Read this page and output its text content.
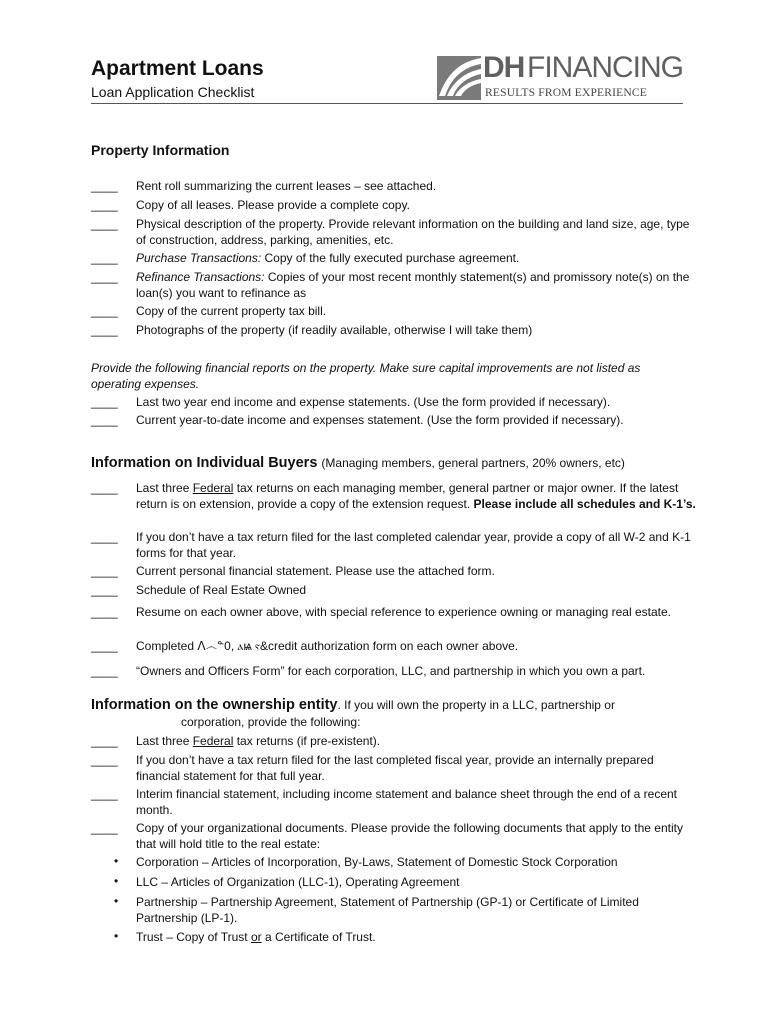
Apartment Loans
Loan Application Checklist
DH FINANCING
RESULTS FROM EXPERIENCE
Property Information
____ Rent roll summarizing the current leases – see attached.
____ Copy of all leases. Please provide a complete copy.
____ Physical description of the property. Provide relevant information on the building and land size, age, type of construction, address, parking, amenities, etc.
____ Purchase Transactions: Copy of the fully executed purchase agreement.
____ Refinance Transactions: Copies of your most recent monthly statement(s) and promissory note(s) on the loan(s) you want to refinance as
____ Copy of the current property tax bill.
____ Photographs of the property (if readily available, otherwise I will take them)
Provide the following financial reports on the property. Make sure capital improvements are not listed as operating expenses.
____ Last two year end income and expense statements. (Use the form provided if necessary).
____ Current year-to-date income and expenses statement. (Use the form provided if necessary).
Information on Individual Buyers (Managing members, general partners, 20% owners, etc)
____ Last three Federal tax returns on each managing member, general partner or major owner. If the latest return is on extension, provide a copy of the extension request. Please include all schedules and K-1’s.
____ If you don’t have a tax return filed for the last completed calendar year, provide a copy of all W-2 and K-1 forms for that year.
____ Current personal financial statement. Please use the attached form.
____ Schedule of Real Estate Owned
____ Resume on each owner above, with special reference to experience owning or managing real estate.
____ Completed ᐱ෴ᓐ0, ⲁѩ ⲋ&credit authorization form on each owner above.
____ “Owners and Officers Form” for each corporation, LLC, and partnership in which you own a part.
Information on the ownership entity. If you will own the property in a LLC, partnership or
corporation, provide the following:
____ Last three Federal tax returns (if pre-existent).
____ If you don’t have a tax return filed for the last completed fiscal year, provide an internally prepared financial statement for that full year.
____ Interim financial statement, including income statement and balance sheet through the end of a recent month.
____ Copy of your organizational documents. Please provide the following documents that apply to the entity that will hold title to the real estate:
• Corporation – Articles of Incorporation, By-Laws, Statement of Domestic Stock Corporation
• LLC – Articles of Organization (LLC-1), Operating Agreement
• Partnership – Partnership Agreement, Statement of Partnership (GP-1) or Certificate of Limited Partnership (LP-1).
• Trust – Copy of Trust or a Certificate of Trust.
